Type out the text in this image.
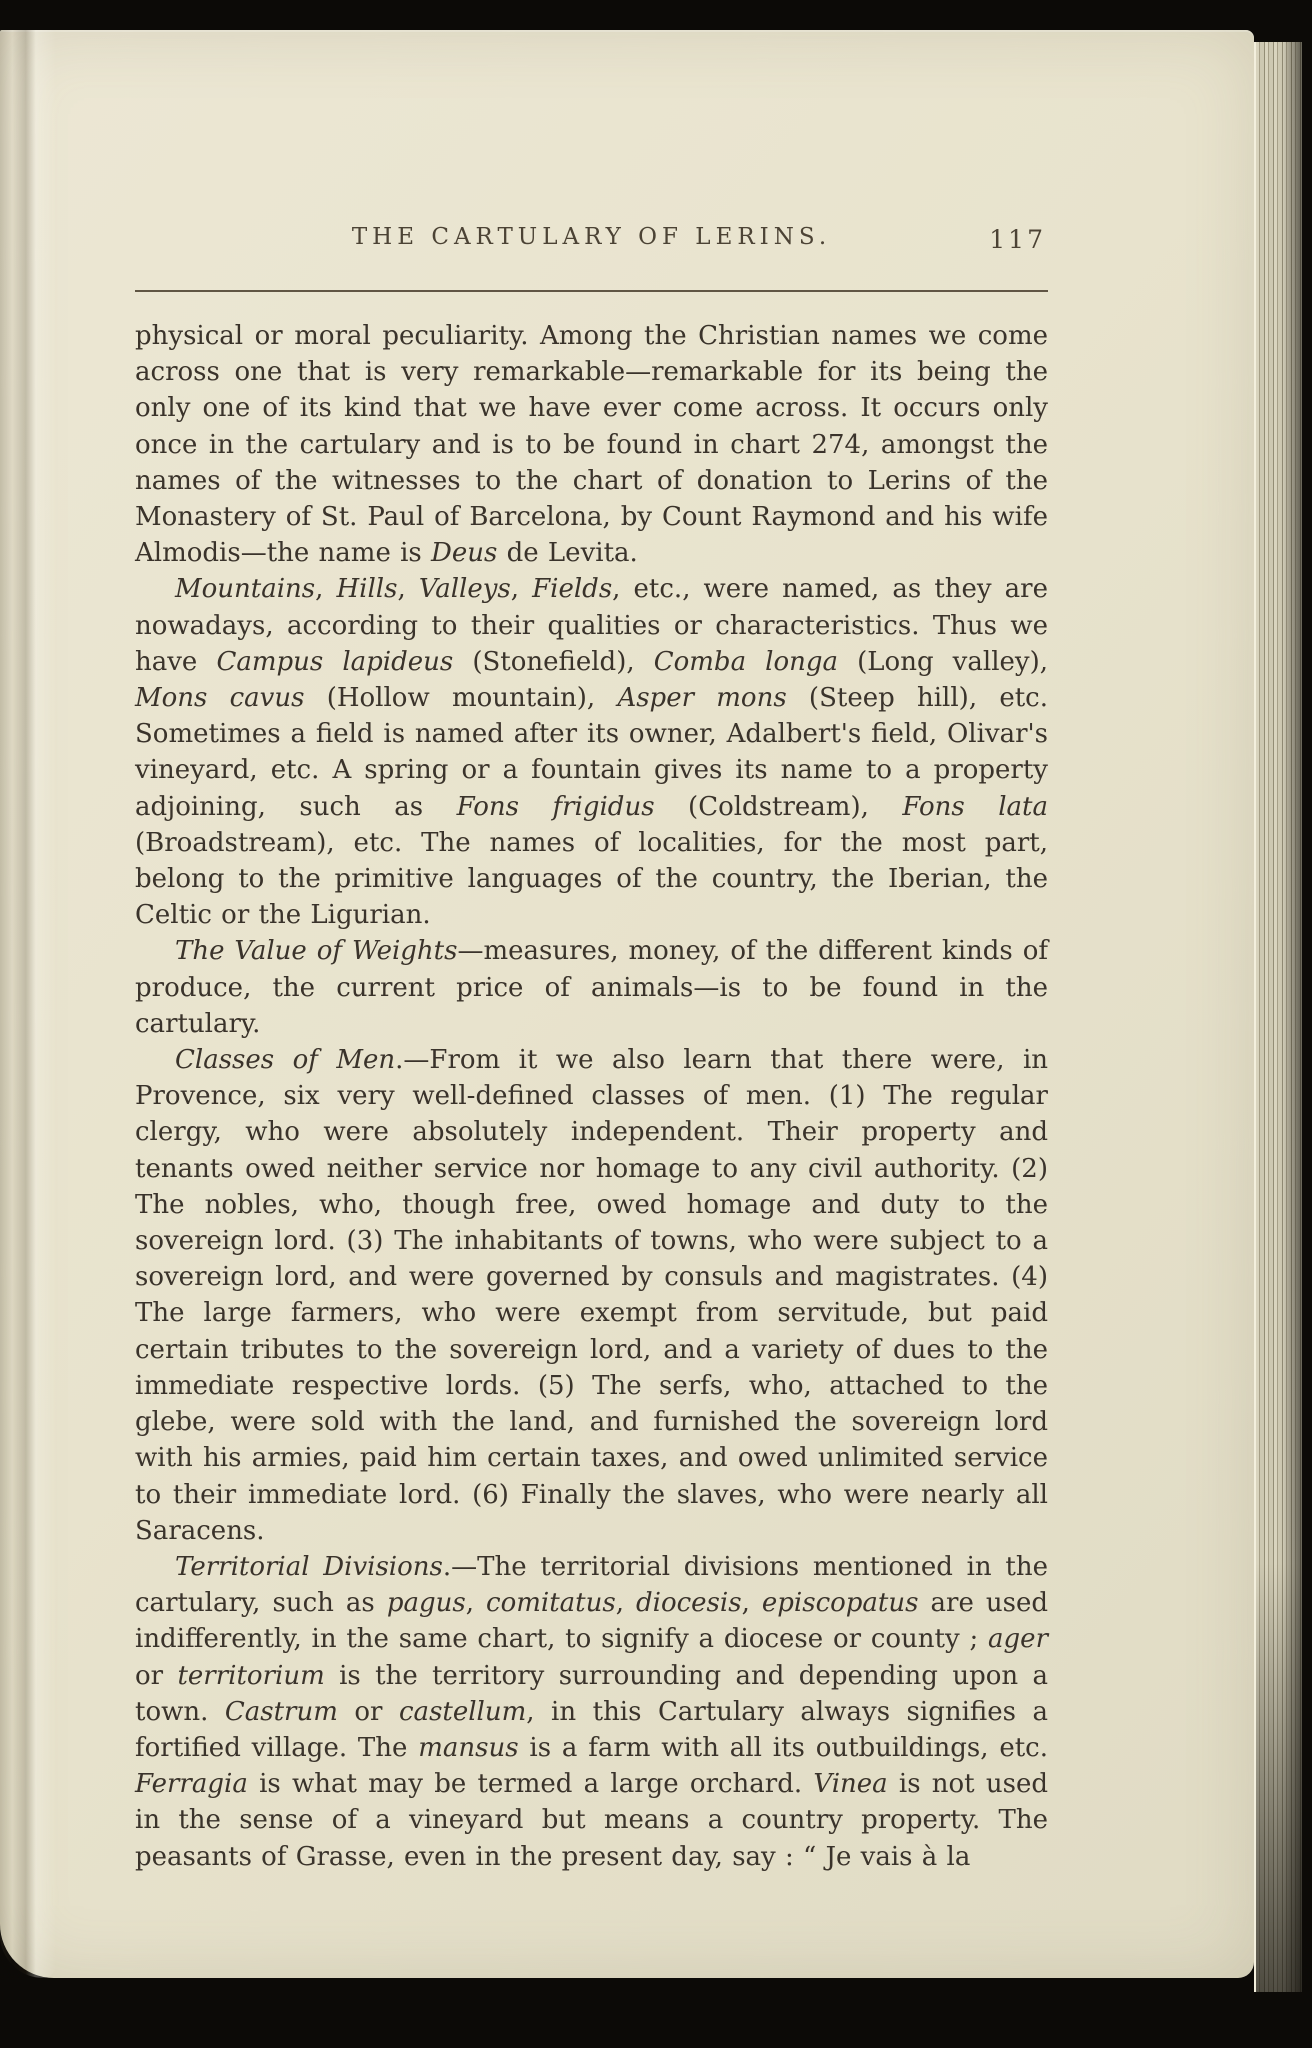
THE CARTULARY OF LERINS.	117

physical or moral peculiarity. Among the Christian names we come across one that is very remarkable—remarkable for its being the only one of its kind that we have ever come across. It occurs only once in the cartulary and is to be found in chart 274, amongst the names of the witnesses to the chart of donation to Lerins of the Monastery of St. Paul of Barcelona, by Count Raymond and his wife Almodis—the name is Deus de Levita.

Mountains, Hills, Valleys, Fields, etc., were named, as they are nowadays, according to their qualities or characteristics. Thus we have Campus lapideus (Stonefield), Comba longa (Long valley), Mons cavus (Hollow mountain), Asper mons (Steep hill), etc. Sometimes a field is named after its owner, Adalbert's field, Olivar's vineyard, etc. A spring or a fountain gives its name to a property adjoining, such as Fons frigidus (Coldstream), Fons lata (Broadstream), etc. The names of localities, for the most part, belong to the primitive languages of the country, the Iberian, the Celtic or the Ligurian.

The Value of Weights—measures, money, of the different kinds of produce, the current price of animals—is to be found in the cartulary.

Classes of Men.—From it we also learn that there were, in Provence, six very well-defined classes of men. (1) The regular clergy, who were absolutely independent. Their property and tenants owed neither service nor homage to any civil authority. (2) The nobles, who, though free, owed homage and duty to the sovereign lord. (3) The inhabitants of towns, who were subject to a sovereign lord, and were governed by consuls and magistrates. (4) The large farmers, who were exempt from servitude, but paid certain tributes to the sovereign lord, and a variety of dues to the immediate respective lords. (5) The serfs, who, attached to the glebe, were sold with the land, and furnished the sovereign lord with his armies, paid him certain taxes, and owed unlimited service to their immediate lord. (6) Finally the slaves, who were nearly all Saracens.

Territorial Divisions.—The territorial divisions mentioned in the cartulary, such as pagus, comitatus, diocesis, episcopatus are used indifferently, in the same chart, to signify a diocese or county ; ager or territorium is the territory surrounding and depending upon a town. Castrum or castellum, in this Cartulary always signifies a fortified village. The mansus is a farm with all its outbuildings, etc. Ferragia is what may be termed a large orchard. Vinea is not used in the sense of a vineyard but means a country property. The peasants of Grasse, even in the present day, say : “ Je vais à la
